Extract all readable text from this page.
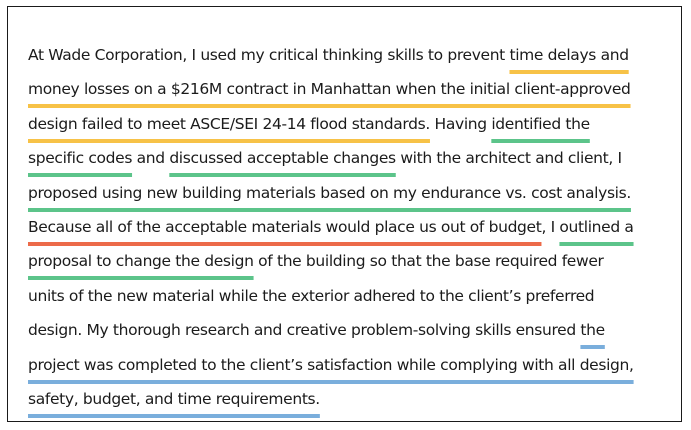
At Wade Corporation, I used my critical thinking skills to prevent time delays and
money losses on a $216M contract in Manhattan when the initial client-approved
design failed to meet ASCE/SEI 24-14 flood standards. Having identified the
specific codes and discussed acceptable changes with the architect and client, I
proposed using new building materials based on my endurance vs. cost analysis.
Because all of the acceptable materials would place us out of budget, I outlined a
proposal to change the design of the building so that the base required fewer
units of the new material while the exterior adhered to the client’s preferred
design. My thorough research and creative problem-solving skills ensured the
project was completed to the client’s satisfaction while complying with all design,
safety, budget, and time requirements.
